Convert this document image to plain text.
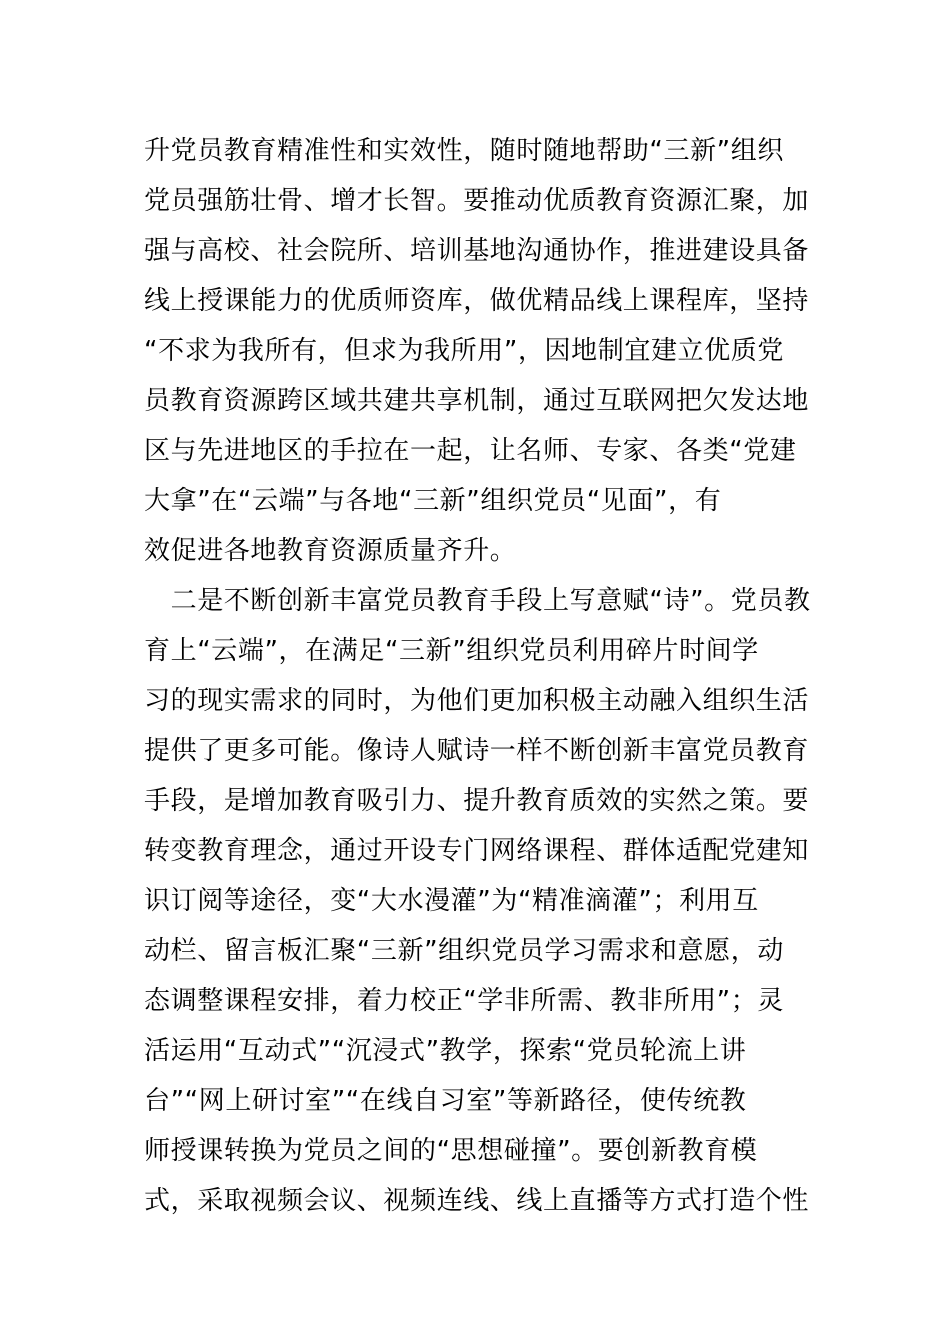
升党员教育精准性和实效性，随时随地帮助“三新”组织
党员强筋壮骨、增才长智。要推动优质教育资源汇聚，加
强与高校、社会院所、培训基地沟通协作，推进建设具备
线上授课能力的优质师资库，做优精品线上课程库，坚持
“不求为我所有，但求为我所用”，因地制宜建立优质党
员教育资源跨区域共建共享机制，通过互联网把欠发达地
区与先进地区的手拉在一起，让名师、专家、各类“党建
大拿”在“云端”与各地“三新”组织党员“见面”，有
效促进各地教育资源质量齐升。
　二是不断创新丰富党员教育手段上写意赋“诗”。党员教
育上“云端”，在满足“三新”组织党员利用碎片时间学
习的现实需求的同时，为他们更加积极主动融入组织生活
提供了更多可能。像诗人赋诗一样不断创新丰富党员教育
手段，是增加教育吸引力、提升教育质效的实然之策。要
转变教育理念，通过开设专门网络课程、群体适配党建知
识订阅等途径，变“大水漫灌”为“精准滴灌”；利用互
动栏、留言板汇聚“三新”组织党员学习需求和意愿，动
态调整课程安排，着力校正“学非所需、教非所用”；灵
活运用“互动式”“沉浸式”教学，探索“党员轮流上讲
台”“网上研讨室”“在线自习室”等新路径，使传统教
师授课转换为党员之间的“思想碰撞”。要创新教育模
式，采取视频会议、视频连线、线上直播等方式打造个性
